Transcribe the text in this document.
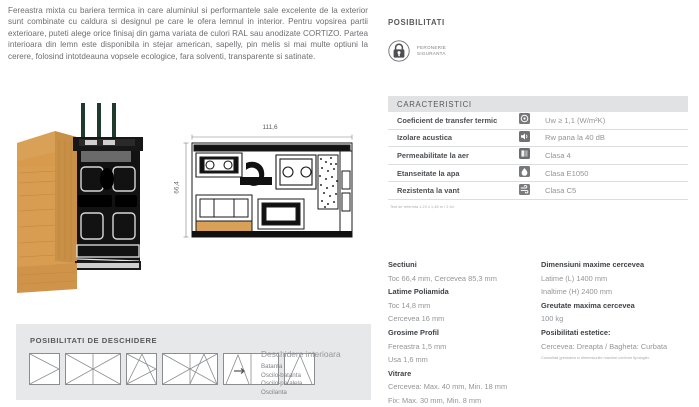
Fereastra mixta cu bariera termica in care aluminiul si performantele sale excelente de la exterior sunt combinate cu caldura si designul pe care le ofera lemnul in interior. Pentru vopsirea partii exterioare, puteti alege orice finisaj din gama variata de culori RAL sau anodizate CORTIZO. Partea interioara din lemn este disponibila in stejar american, sapelly, pin melis si mai multe optiuni la cerere, folosind intotdeauna vopsele ecologice, fara solventi, transparente si satinate.

111,6
66,4
POSIBILITATI DE DESCHIDERE
Deschidere interioara
Batanta
Oscilo-batanta
Oscilo-paralela
Oscilanta
POSIBILITATI
FERONERIE
SIGURANTA
CARACTERISTICI
Coeficient de transfer termic	Uw ≥ 1,1 (W/m²K)
Izolare acustica	Rw pana la 40 dB
Permeabilitate la aer	Clasa 4
Etanseitate la apa	Clasa E1050
Rezistenta la vant	Clasa C5
Test de referinta 1,23 x 1,48 m / 2 foi
Sectiuni
Toc 66,4 mm, Cercevea 85,3 mm
Latime Poliamida
Toc 14,8 mm
Cercevea 16 mm
Grosime Profil
Fereastra 1,5 mm
Usa 1,6 mm
Vitrare
Cercevea: Max. 40 mm, Min. 18 mm
Fix: Max. 30 mm, Min. 8 mm
Dimensiuni maxime cercevea
Latime (L) 1400 mm
Inaltime (H) 2400 mm
Greutate maxima cercevea
100 kg
Posibilitati estetice:
Cercevea: Dreapta / Bagheta: Curbata
Consultati greutatea si dimensiunile maxime conform tipologiei.
